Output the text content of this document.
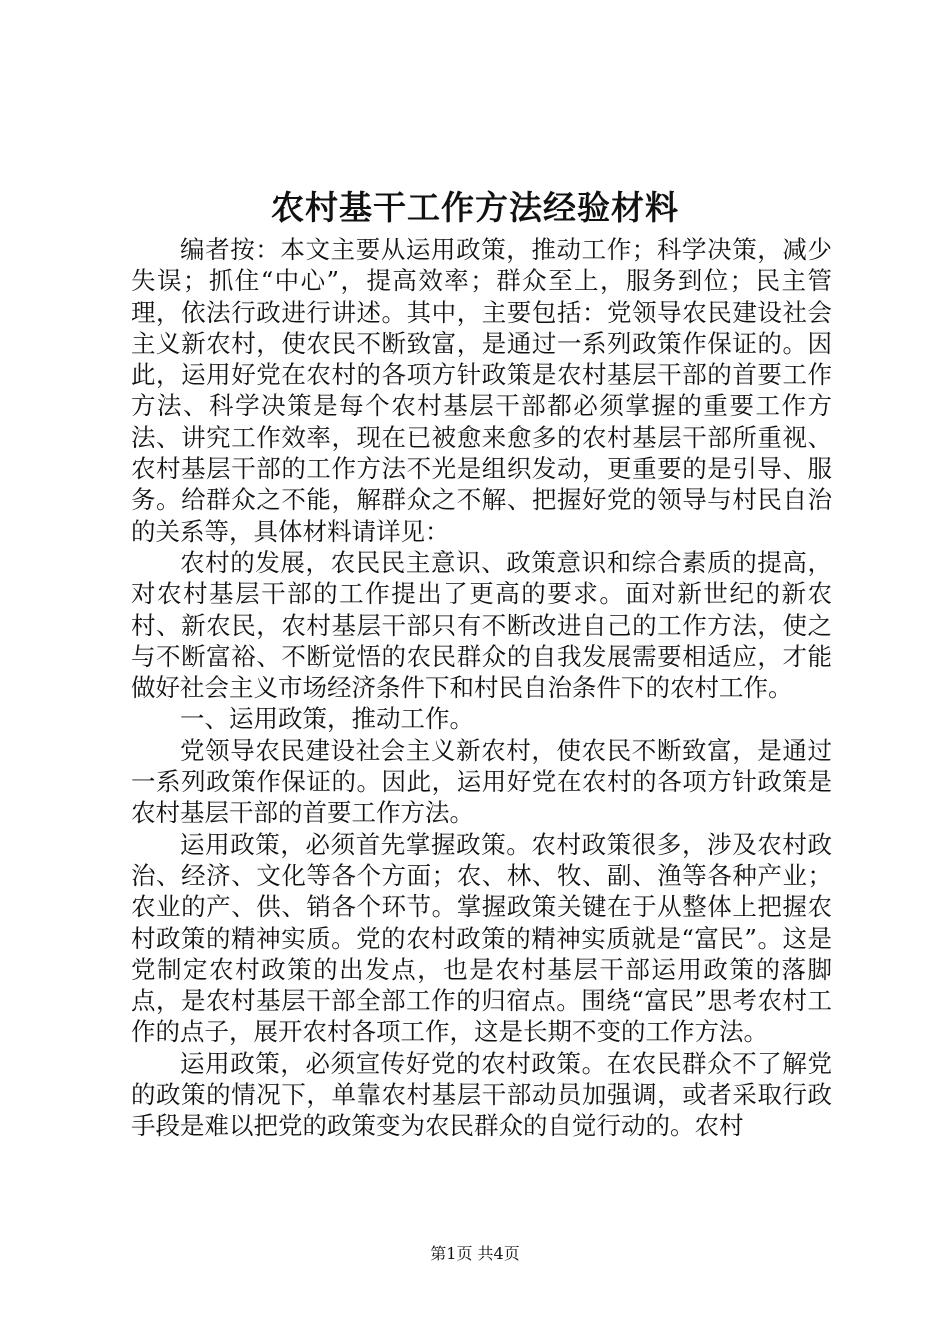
农村基干工作方法经验材料

编者按：本文主要从运用政策，推动工作；科学决策，减少失误；抓住“中心”，提高效率；群众至上，服务到位；民主管理，依法行政进行讲述。其中，主要包括：党领导农民建设社会主义新农村，使农民不断致富，是通过一系列政策作保证的。因此，运用好党在农村的各项方针政策是农村基层干部的首要工作方法、科学决策是每个农村基层干部都必须掌握的重要工作方法、讲究工作效率，现在已被愈来愈多的农村基层干部所重视、农村基层干部的工作方法不光是组织发动，更重要的是引导、服务。给群众之不能，解群众之不解、把握好党的领导与村民自治的关系等，具体材料请详见：

农村的发展，农民民主意识、政策意识和综合素质的提高，对农村基层干部的工作提出了更高的要求。面对新世纪的新农村、新农民，农村基层干部只有不断改进自己的工作方法，使之与不断富裕、不断觉悟的农民群众的自我发展需要相适应，才能做好社会主义市场经济条件下和村民自治条件下的农村工作。

一、运用政策，推动工作。

党领导农民建设社会主义新农村，使农民不断致富，是通过一系列政策作保证的。因此，运用好党在农村的各项方针政策是农村基层干部的首要工作方法。

运用政策，必须首先掌握政策。农村政策很多，涉及农村政治、经济、文化等各个方面；农、林、牧、副、渔等各种产业；农业的产、供、销各个环节。掌握政策关键在于从整体上把握农村政策的精神实质。党的农村政策的精神实质就是“富民”。这是党制定农村政策的出发点，也是农村基层干部运用政策的落脚点，是农村基层干部全部工作的归宿点。围绕“富民”思考农村工作的点子，展开农村各项工作，这是长期不变的工作方法。

运用政策，必须宣传好党的农村政策。在农民群众不了解党的政策的情况下，单靠农村基层干部动员加强调，或者采取行政手段是难以把党的政策变为农民群众的自觉行动的。农村

第1页 共4页
